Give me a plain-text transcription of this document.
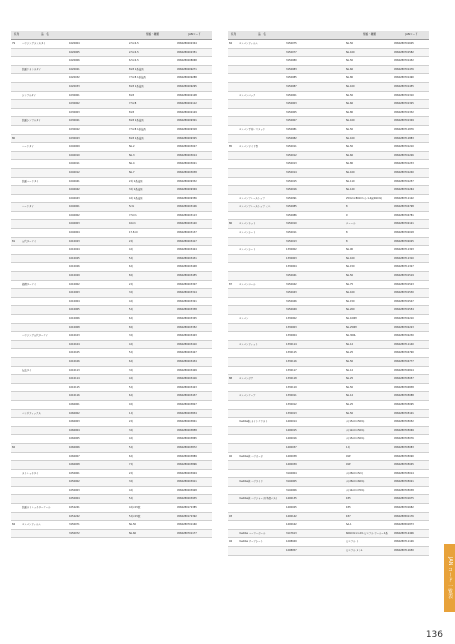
系列	品　名	規格・種類	JANコード
79	ハウジングランスタイ	1020004	2.5×4.5	4560280202344
1020005	2.5×4.5	4560280202351
1020006	6.5×4.5	4560280208068
結露ドランスタイ	1020021	8×8 1条減菌	4560280209271
1020032	7.5×8 1条減菌	4560280209288
1020033	8×8 1条減菌	4560280209295
シンプルタイ	1030001	8×8	4560280202108
1030002	7.5×8	4560280202112
1030003	8×8	4560280202129
結露シンプルタイ	1030021	8×8 1条減菌	4560280209301
1030022	7.5×8 1条減菌	4560280209318
80	1030023	8×8 1条減菌	4560280209325
ハードタイ	1040009	No.2	4560280203027
1040010	No.3	4560280203014
1040011	No.4	4560280203021
1040012	No.7	4560280203038
結露ハードタイ	1040041	2号 1条減菌	4560280209332
1040042	3号 1条減菌	4560280209349
1040043	4号 1条減菌	4560280209356
ハードタイ	1040001	5cm	4560280203106
1040002	7.5cm	4560280203113
1040003	10cm	4560280203120
1040004	17.5cm	4560280203137
81	万代ターテイ	1010023	2号	4560280203417
1010024	4号	4560280203424
1010025	5号	4560280203431
1010026	6号	4560280203448
1010029	8号	4560280203455
循環ターテイ	1010002	2号	4560280203307
1010003	3号	4560280203314
1010004	4号	4560280203321
1010005	5号	4560280203338
1010006	6号	4560280203345
1010008	8号	4560280203352
ハウジング万代ターテイ	1010103	3号	4560280203403
1010104	4号	4560280203410
1010105	5号	4560280203427
1010106	6号	4560280203434
伝法タイ	1010113	3号	4560280203409
1010114	4号	4560280203416
1010115	5号	4560280203423
1010116	6号	4560280203437
1060001	0号	4560280203827
バンダフィックス	1060002	1号	4560280203834
1060003	2号	4560280203841
1060004	3号	4560280203858
1060005	4号	4560280203865
82	1060006	5号	4560280203872
1060007	6号	4560280203889
1060008	7号	4560280203896
ストレッチタイ	1050001	2号	4560280203904
1050002	3号	4560280203911
1050003	4号	4560280203928
1050004	5号	4560280203935
結露ストレッチターテール	1052241	4号×15数	4560280172385
1052242	5号×15数	4560280172392
84	エレパンフィルム	3150071	No.50	4560280701160
3150072	No.60	4560280701177
系列	品　名	規格・種類	JANコード
84	エレパンフィルム	3150075	No.50	4560280701605
3150077	No.100	4560280701582
3150080	No.50	4560280701452
3150083	No.60	4560280701476
3150085	No.80	4560280701490
3150087	No.100	4560280701455
エレパンパック	3150001	No.50	4560280701310
3150003	No.60	4560280701325
3150005	No.80	4560280701332
3150007	No.100	4560280701349
エレパン平並レマメッド	3150081	No.50	4560280711876
3150082	No.100	4560280711883
85	エレパンワイド巻	3150011	No.50	4560280701210
3150012	No.60	4560280701226
3150013	No.80	4560280701233
3150014	No.100	4560280701240
3150015	No.110	4560280701257
3150016	No.120	4560280701264
エレパンプレーストップ	3150091	25mm×80mm 小 1.4g(20mm)	4560280711102
エレパンプレーストップ ミニ	3150085	8	4560280704798
3150086	9	4560280704781
86	エレパンネット	3150010	ローール	4560280702121
エレパンシート	3150011	8	4560280702018
3150013	8	4560280702025
エレパンシート	1330002	No.90	4560280711303
1330003	No.100	4560280711310
1330004	No.150	4560280711327
3150041	No.50	4560280701519
87	エレパンロール	3150042	No.75	4560280701523
3150043	No.100	4560280701530
3150046	No.150	4560280701547
3150049	No.200	4560280701554
エレパン	1330002	No.100M	4560280702210
1330003	No.250M	4560280702223
1330004	No.300L	4560280702230
エレパンフィット	1330114	No.12	4560280711140
1330115	No.25	4560280704790
1330116	No.50	4560280704777
1330117	No.12	4560280704814
88	エレパンポア	1330118	No.25	4560280705057
1330119	No.50	4560280704838
エレパンテープ	1330011	No.12	4560280705088
1330012	No.25	4560280705095
1330013	No.50	4560280705101
mediba貼 ライトテクスト	1400014	ロ(15cm×50m)	4560280705052
1400015	ロ(12cm×50m)	4560280705069
1400016	ロ(15cm×50m)	4560280705076
1400037	1号	4560280705083
92	mediba蒸 ハブオーボ	1400038	91P	4560280705090
1400039	91P	4560280705045
3140004	ロ(28cm×5m)	4560280705014
mediba蒸 ハブワイド	3140005	ロ(28cm×60m)	4560280705021
3140006	ロ(14cm×70m)	4560280705038
mediba蒸 ハブジャーボ(基礎パス)	1400135	K35	4560280701675
1400025	K35	4560280701682
93	1400142	K37	4560280591176
1400162	SA-1	4560280591873
mediba ハーマーボール	3147613	600mm×1.2m ビニプル ウールー1条	4560280712406
94	mediba サーブシート	1298049	ビニプル ト	4560280711126
1298057	ビニプル メンL	4560280711650
JAN コード 一覧表
136
